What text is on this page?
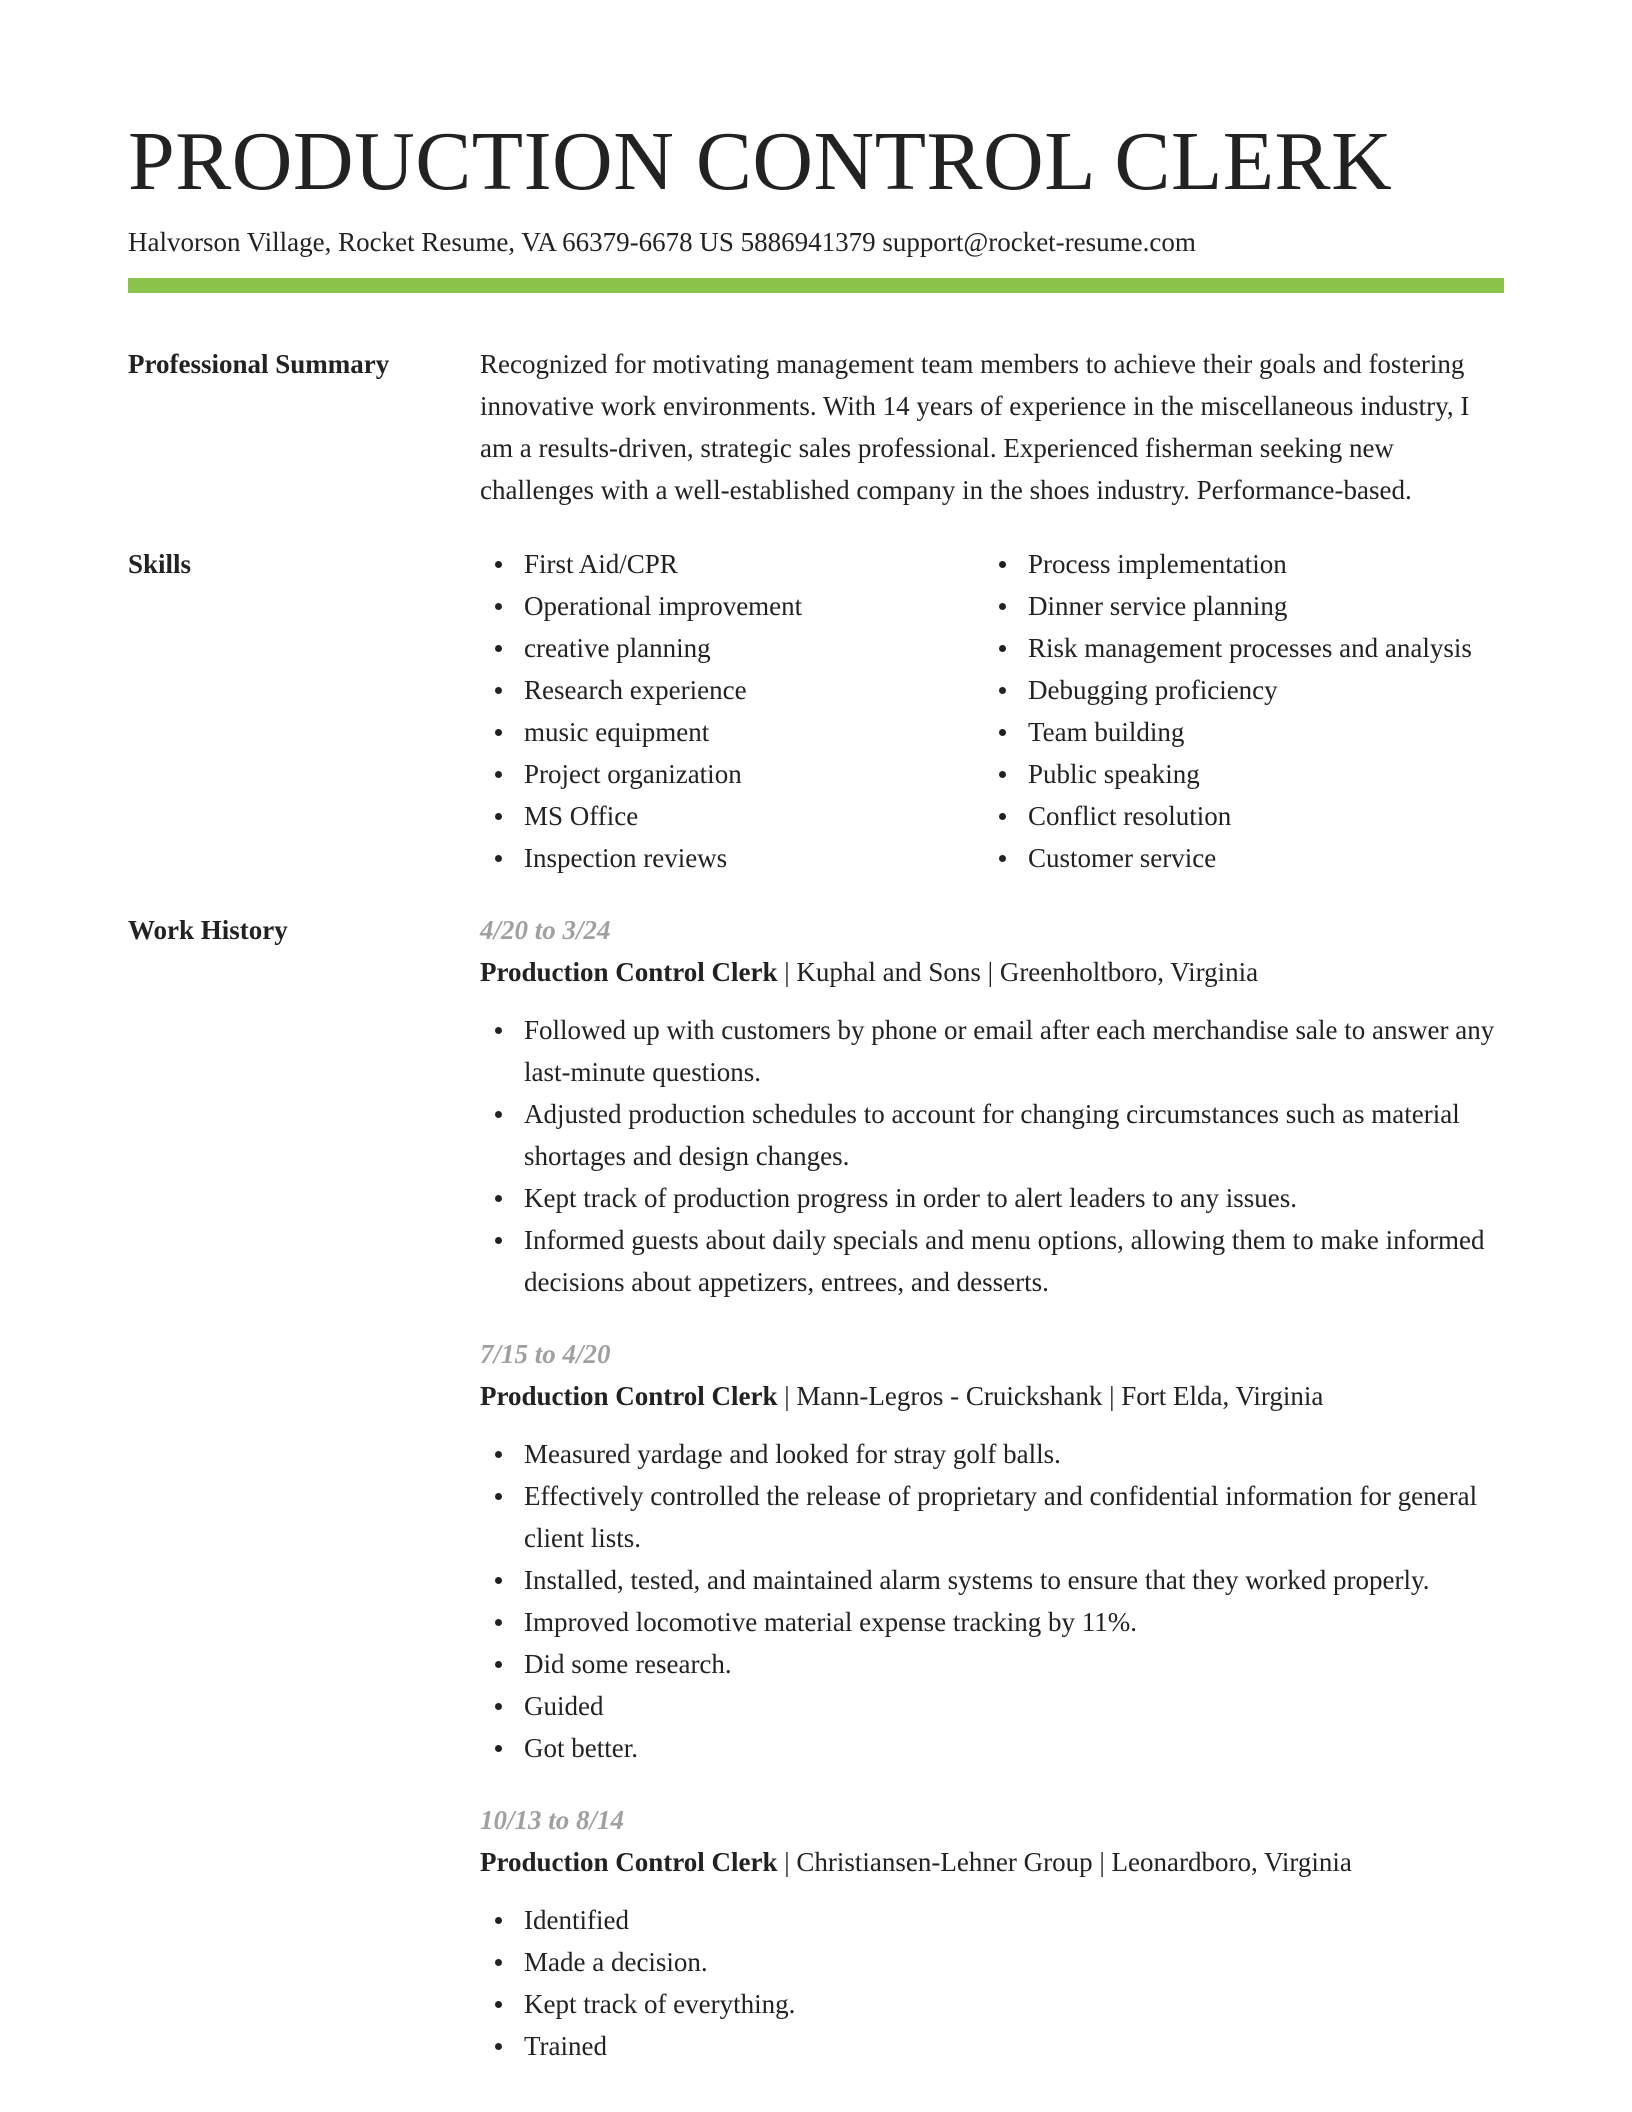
PRODUCTION CONTROL CLERK
Halvorson Village, Rocket Resume, VA 66379-6678 US 5886941379 support@rocket-resume.com
Professional Summary	Recognized for motivating management team members to achieve their goals and fostering innovative work environments. With 14 years of experience in the miscellaneous industry, I am a results-driven, strategic sales professional. Experienced fisherman seeking new challenges with a well-established company in the shoes industry. Performance-based.

Skills	First Aid/CPR
Operational improvement
creative planning
Research experience
music equipment
Project organization
MS Office
Inspection reviews
Process implementation
Dinner service planning
Risk management processes and analysis
Debugging proficiency
Team building
Public speaking
Conflict resolution
Customer service
Work History	4/20 to 3/24
Production Control Clerk | Kuphal and Sons | Greenholtboro, Virginia
Followed up with customers by phone or email after each merchandise sale to answer any last-minute questions.
Adjusted production schedules to account for changing circumstances such as material shortages and design changes.
Kept track of production progress in order to alert leaders to any issues.
Informed guests about daily specials and menu options, allowing them to make informed decisions about appetizers, entrees, and desserts.
7/15 to 4/20
Production Control Clerk | Mann-Legros - Cruickshank | Fort Elda, Virginia
Measured yardage and looked for stray golf balls.
Effectively controlled the release of proprietary and confidential information for general client lists.
Installed, tested, and maintained alarm systems to ensure that they worked properly.
Improved locomotive material expense tracking by 11%.
Did some research.
Guided
Got better.
10/13 to 8/14
Production Control Clerk | Christiansen-Lehner Group | Leonardboro, Virginia
Identified
Made a decision.
Kept track of everything.
Trained
